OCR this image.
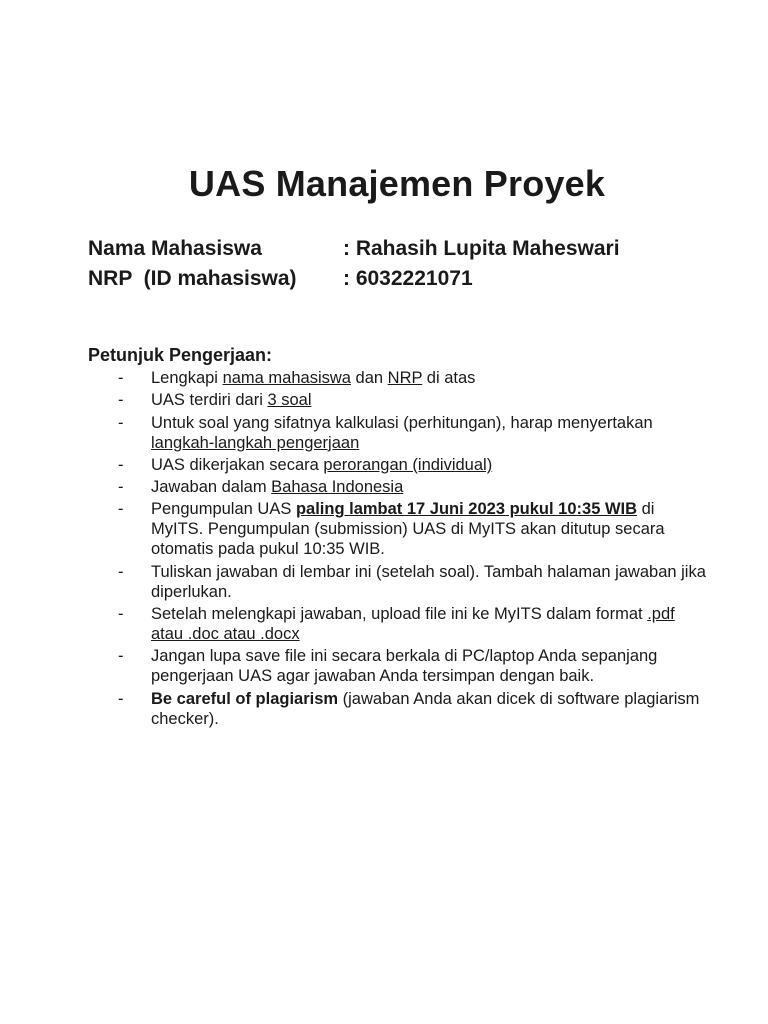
UAS Manajemen Proyek
Nama Mahasiswa	: Rahasih Lupita Maheswari
NRP  (ID mahasiswa)	: 6032221071
Petunjuk Pengerjaan:
-	Lengkapi nama mahasiswa dan NRP di atas
-	UAS terdiri dari 3 soal
-	Untuk soal yang sifatnya kalkulasi (perhitungan), harap menyertakan langkah-langkah pengerjaan
-	UAS dikerjakan secara perorangan (individual)
-	Jawaban dalam Bahasa Indonesia
-	Pengumpulan UAS paling lambat 17 Juni 2023 pukul 10:35 WIB di MyITS. Pengumpulan (submission) UAS di MyITS akan ditutup secara otomatis pada pukul 10:35 WIB.
-	Tuliskan jawaban di lembar ini (setelah soal). Tambah halaman jawaban jika diperlukan.
-	Setelah melengkapi jawaban, upload file ini ke MyITS dalam format .pdf atau .doc atau .docx
-	Jangan lupa save file ini secara berkala di PC/laptop Anda sepanjang pengerjaan UAS agar jawaban Anda tersimpan dengan baik.
-	Be careful of plagiarism (jawaban Anda akan dicek di software plagiarism checker).
